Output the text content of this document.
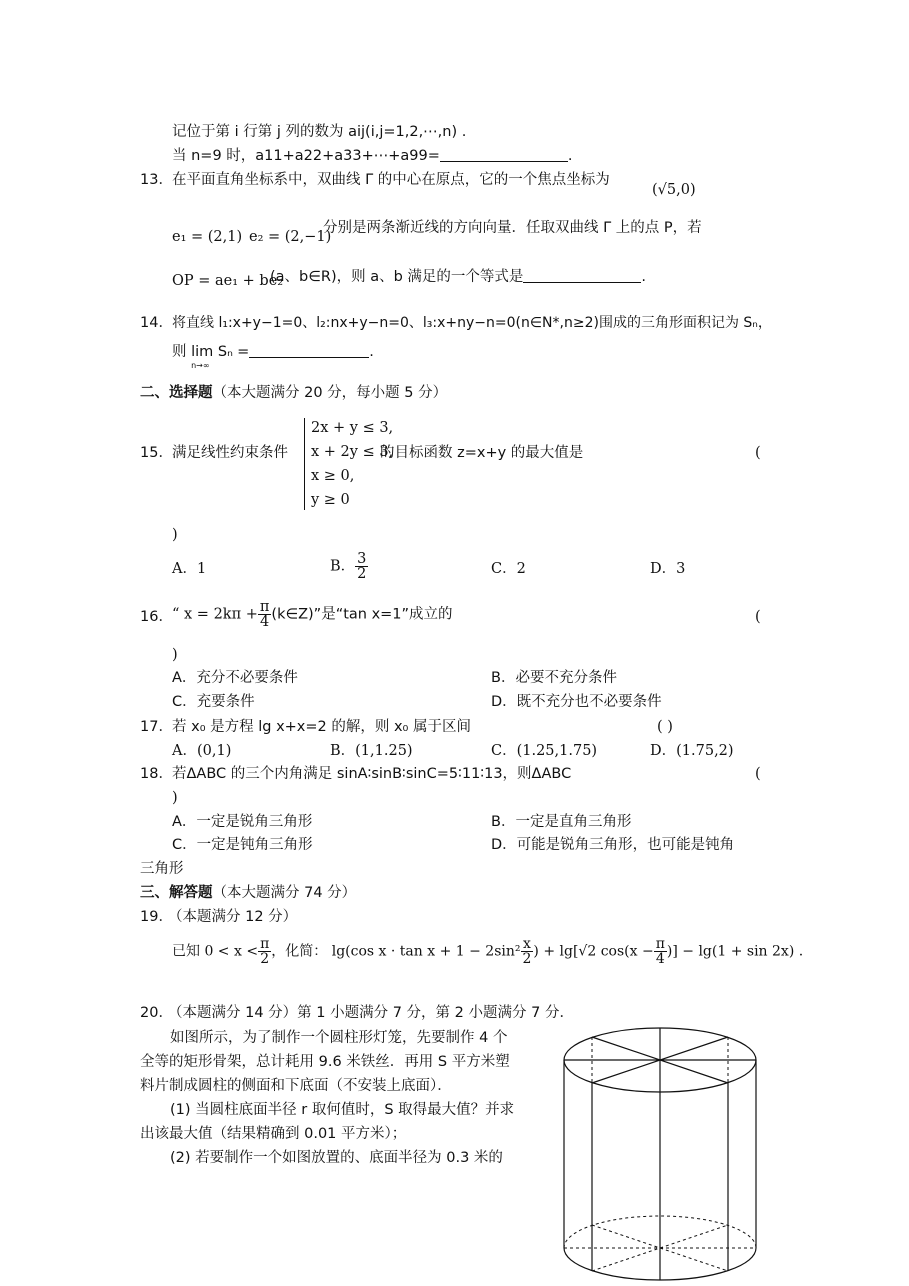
记位于第 i 行第 j 列的数为 aij(i,j=1,2,⋯,n) .
当 n=9 时，a11+a22+a33+⋯+a99=	.
13． 在平面直角坐标系中，双曲线 Γ 的中心在原点，它的一个焦点坐标为
(√5,0)
e₁ = (2,1) e₂ = (2,−1)
分别是两条渐近线的方向向量．任取双曲线 Γ 上的点 P，若
OP = ae₁ + be₂
(a、b∈R)，则 a、b 满足的一个等式是	.
14． 将直线 l₁:x+y−1=0、l₂:nx+y−n=0、l₃:x+ny−n=0(n∈N*,n≥2)围成的三角形面积记为 Sₙ，
则 lim Sₙ
n→∞
=	.
二、选择题（本大题满分 20 分，每小题 5 分）
15． 满足线性约束条件
2x + y ≤ 3,
x + 2y ≤ 3,
x ≥ 0,
y ≥ 0
的目标函数 z=x+y 的最大值是	(
)
A．1	B． $\frac{3}{2}$	C．2	D．3
16． “ $x = 2k\pi + \frac{\pi}{4}$ (k∈Z)”是“tan x=1”成立的	(
)
A．充分不必要条件	B．必要不充分条件
C．充要条件	D．既不充分也不必要条件
17． 若 x₀ 是方程 lg x+x=2 的解，则 x₀ 属于区间	( )
A．(0,1)	B．(1,1.25)	C．(1.25,1.75)	D．(1.75,2)
18． 若ΔABC 的三个内角满足 sinA∶sinB∶sinC=5∶11∶13，则ΔABC	(
)
A．一定是锐角三角形	B．一定是直角三角形
C．一定是钝角三角形	D．可能是锐角三角形，也可能是钝角
三角形
三、解答题（本大题满分 74 分）
19．
（本题满分 12 分）
已知 $0 < x < \frac{\pi}{2}$ ，化简： lg(cos $x \cdot \tan x + 1 - 2\sin^2 \frac{x}{2}$ ) + lg[√2 $\cos(x - \frac{\pi}{4}$ )] − lg(1 + sin 2x) .
20．
（本题满分 14 分）第 1 小题满分 7 分，第 2 小题满分 7 分．
如图所示，为了制作一个圆柱形灯笼，先要制作 4 个
全等的矩形骨架，总计耗用 9.6 米铁丝．再用 S 平方米塑
料片制成圆柱的侧面和下底面（不安装上底面）．
(1) 当圆柱底面半径 r 取何值时，S 取得最大值？并求
出该最大值（结果精确到 0.01 平方米）；
(2) 若要制作一个如图放置的、底面半径为 0.3 米的
